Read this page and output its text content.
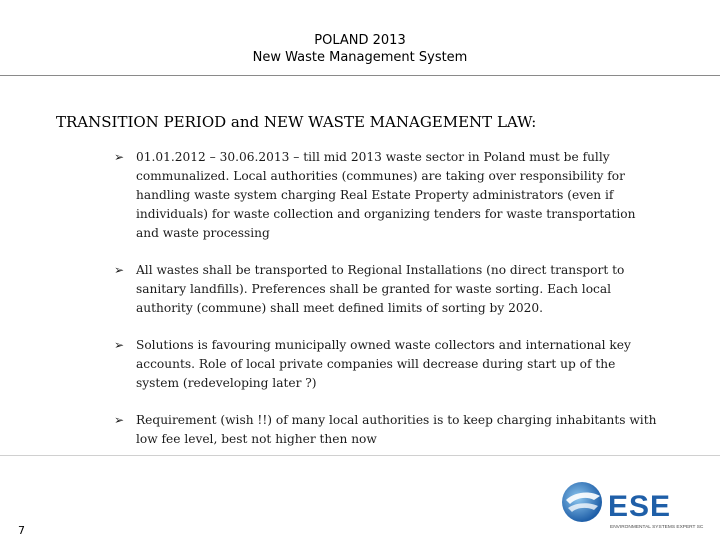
POLAND 2013
New Waste Management System
TRANSITION PERIOD and NEW WASTE MANAGEMENT LAW:
➢ 01.01.2012 – 30.06.2013 – till mid 2013 waste sector in Poland must be fully communalized. Local authorities (communes) are taking over responsibility for handling waste system charging Real Estate Property administrators (even if individuals) for waste collection and organizing tenders for waste transportation and waste processing
➢ All wastes shall be transported to Regional Installations (no direct transport to sanitary landfills). Preferences shall be granted for waste sorting. Each local authority (commune) shall meet defined limits of sorting by 2020.
➢ Solutions is favouring municipally owned waste collectors and international key accounts. Role of local private companies will decrease during start up of the system (redeveloping later ?)
➢ Requirement (wish !!) of many local authorities is to keep charging inhabitants with low fee level, best not higher then now
7
ESE
ENVIRONMENTAL SYSTEMS EXPERT SC
